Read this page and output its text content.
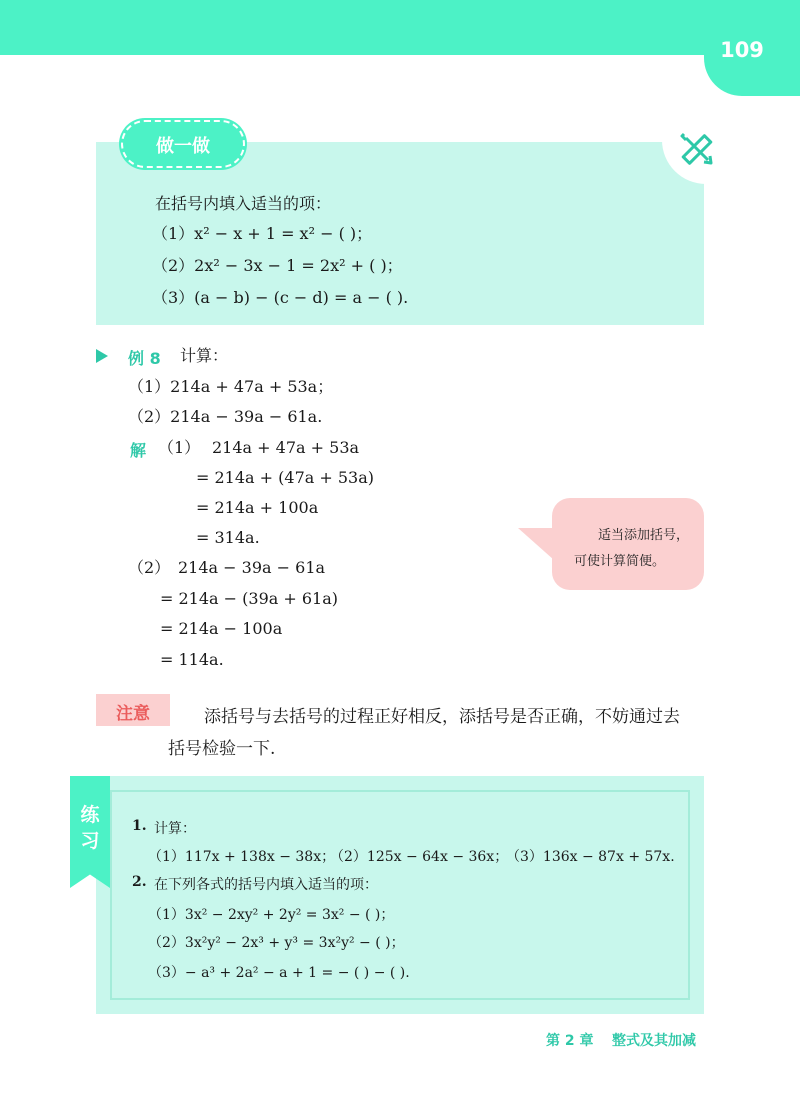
109
做一做
在括号内填入适当的项：
（1）x² − x + 1 = x² − ( )；
（2）2x² − 3x − 1 = 2x² + ( )；
（3）(a − b) − (c − d) = a − ( ).
例 8 计算：
（1）214a + 47a + 53a；
（2）214a − 39a − 61a.
解 （1） 214a + 47a + 53a
= 214a + (47a + 53a)
= 214a + 100a
= 314a.
（2） 214a − 39a − 61a
= 214a − (39a + 61a)
= 214a − 100a
= 114a.
适当添加括号，
可使计算简便。
注意	添括号与去括号的过程正好相反，添括号是否正确，不妨通过去
括号检验一下.
练
习
1. 计算：
（1）117x + 138x − 38x；
（2）125x − 64x − 36x；
（3）136x − 87x + 57x.
2. 在下列各式的括号内填入适当的项：
（1）3x² − 2xy² + 2y² = 3x² − ( )；
（2）3x²y² − 2x³ + y³ = 3x²y² − ( )；
（3）− a³ + 2a² − a + 1 = − ( ) − ( ).
第 2 章 整式及其加减
